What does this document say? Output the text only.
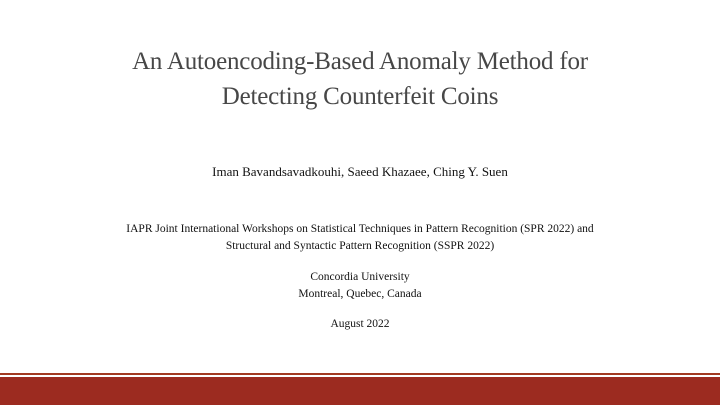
An Autoencoding-Based Anomaly Method for
Detecting Counterfeit Coins
Iman Bavandsavadkouhi, Saeed Khazaee, Ching Y. Suen
IAPR Joint International Workshops on Statistical Techniques in Pattern Recognition (SPR 2022) and
Structural and Syntactic Pattern Recognition (SSPR 2022)
Concordia University
Montreal, Quebec, Canada
August 2022
